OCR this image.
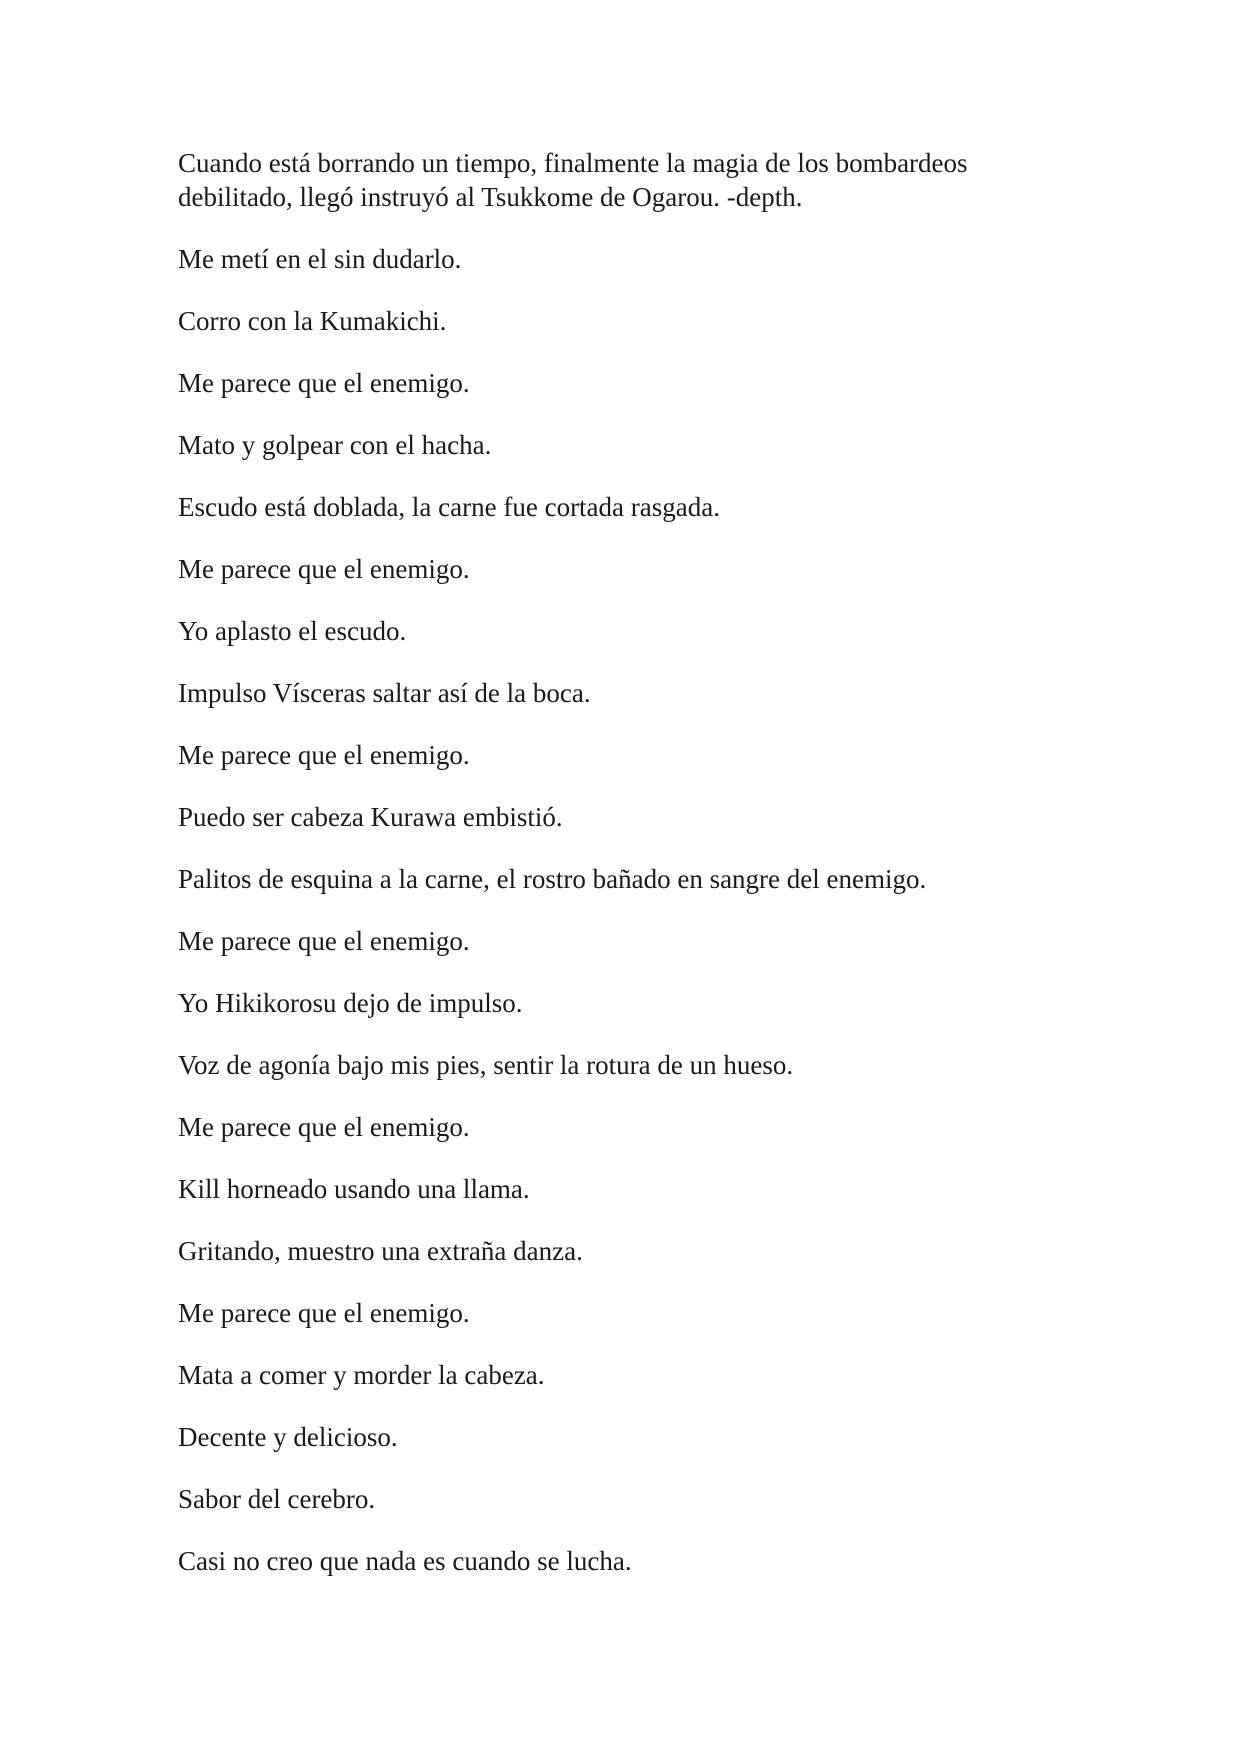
Cuando está borrando un tiempo, finalmente la magia de los bombardeos debilitado, llegó instruyó al Tsukkome de Ogarou. -depth.

Me metí en el sin dudarlo.

Corro con la Kumakichi.

Me parece que el enemigo.

Mato y golpear con el hacha.

Escudo está doblada, la carne fue cortada rasgada.

Me parece que el enemigo.

Yo aplasto el escudo.

Impulso Vísceras saltar así de la boca.

Me parece que el enemigo.

Puedo ser cabeza Kurawa embistió.

Palitos de esquina a la carne, el rostro bañado en sangre del enemigo.

Me parece que el enemigo.

Yo Hikikorosu dejo de impulso.

Voz de agonía bajo mis pies, sentir la rotura de un hueso.

Me parece que el enemigo.

Kill horneado usando una llama.

Gritando, muestro una extraña danza.

Me parece que el enemigo.

Mata a comer y morder la cabeza.

Decente y delicioso.

Sabor del cerebro.

Casi no creo que nada es cuando se lucha.
